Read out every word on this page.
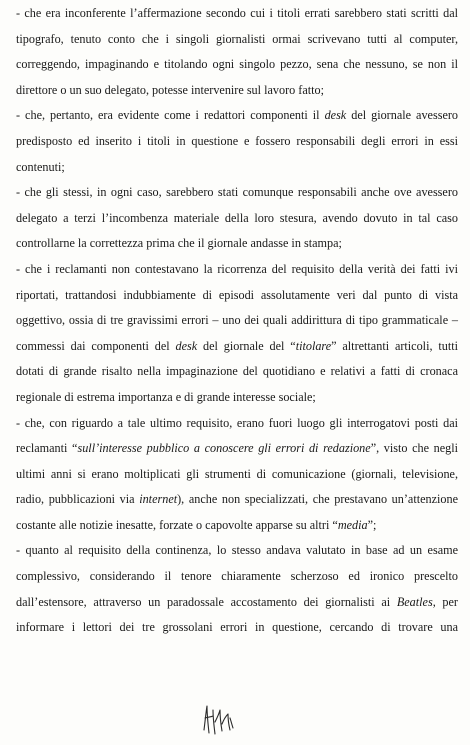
- che era inconferente l’affermazione secondo cui i titoli errati sarebbero stati scritti dal
tipografo, tenuto conto che i singoli giornalisti ormai scrivevano tutti al computer,
correggendo, impaginando e titolando ogni singolo pezzo, sena che nessuno, se non il
direttore o un suo delegato, potesse intervenire sul lavoro fatto;
- che, pertanto, era evidente come i redattori componenti il desk del giornale avessero
predisposto ed inserito i titoli in questione e fossero responsabili degli errori in essi
contenuti;
- che gli stessi, in ogni caso, sarebbero stati comunque responsabili anche ove avessero
delegato a terzi l’incombenza materiale della loro stesura, avendo dovuto in tal caso
controllarne la correttezza prima che il giornale andasse in stampa;
- che i reclamanti non contestavano la ricorrenza del requisito della verità dei fatti ivi
riportati, trattandosi indubbiamente di episodi assolutamente veri dal punto di vista
oggettivo, ossia di tre gravissimi errori – uno dei quali addirittura di tipo grammaticale –
commessi dai componenti del desk del giornale del “titolare” altrettanti articoli, tutti
dotati di grande risalto nella impaginazione del quotidiano e relativi a fatti di cronaca
regionale di estrema importanza e di grande interesse sociale;
- che, con riguardo a tale ultimo requisito, erano fuori luogo gli interrogatovi posti dai
reclamanti “sull’interesse pubblico a conoscere gli errori di redazione”, visto che negli
ultimi anni si erano moltiplicati gli strumenti di comunicazione (giornali, televisione,
radio, pubblicazioni via internet), anche non specializzati, che prestavano un’attenzione
costante alle notizie inesatte, forzate o capovolte apparse su altri “media”;
- quanto al requisito della continenza, lo stesso andava valutato in base ad un esame
complessivo, considerando il tenore chiaramente scherzoso ed ironico prescelto
dall’estensore, attraverso un paradossale accostamento dei giornalisti ai Beatles, per
informare i lettori dei tre grossolani errori in questione, cercando di trovare una
